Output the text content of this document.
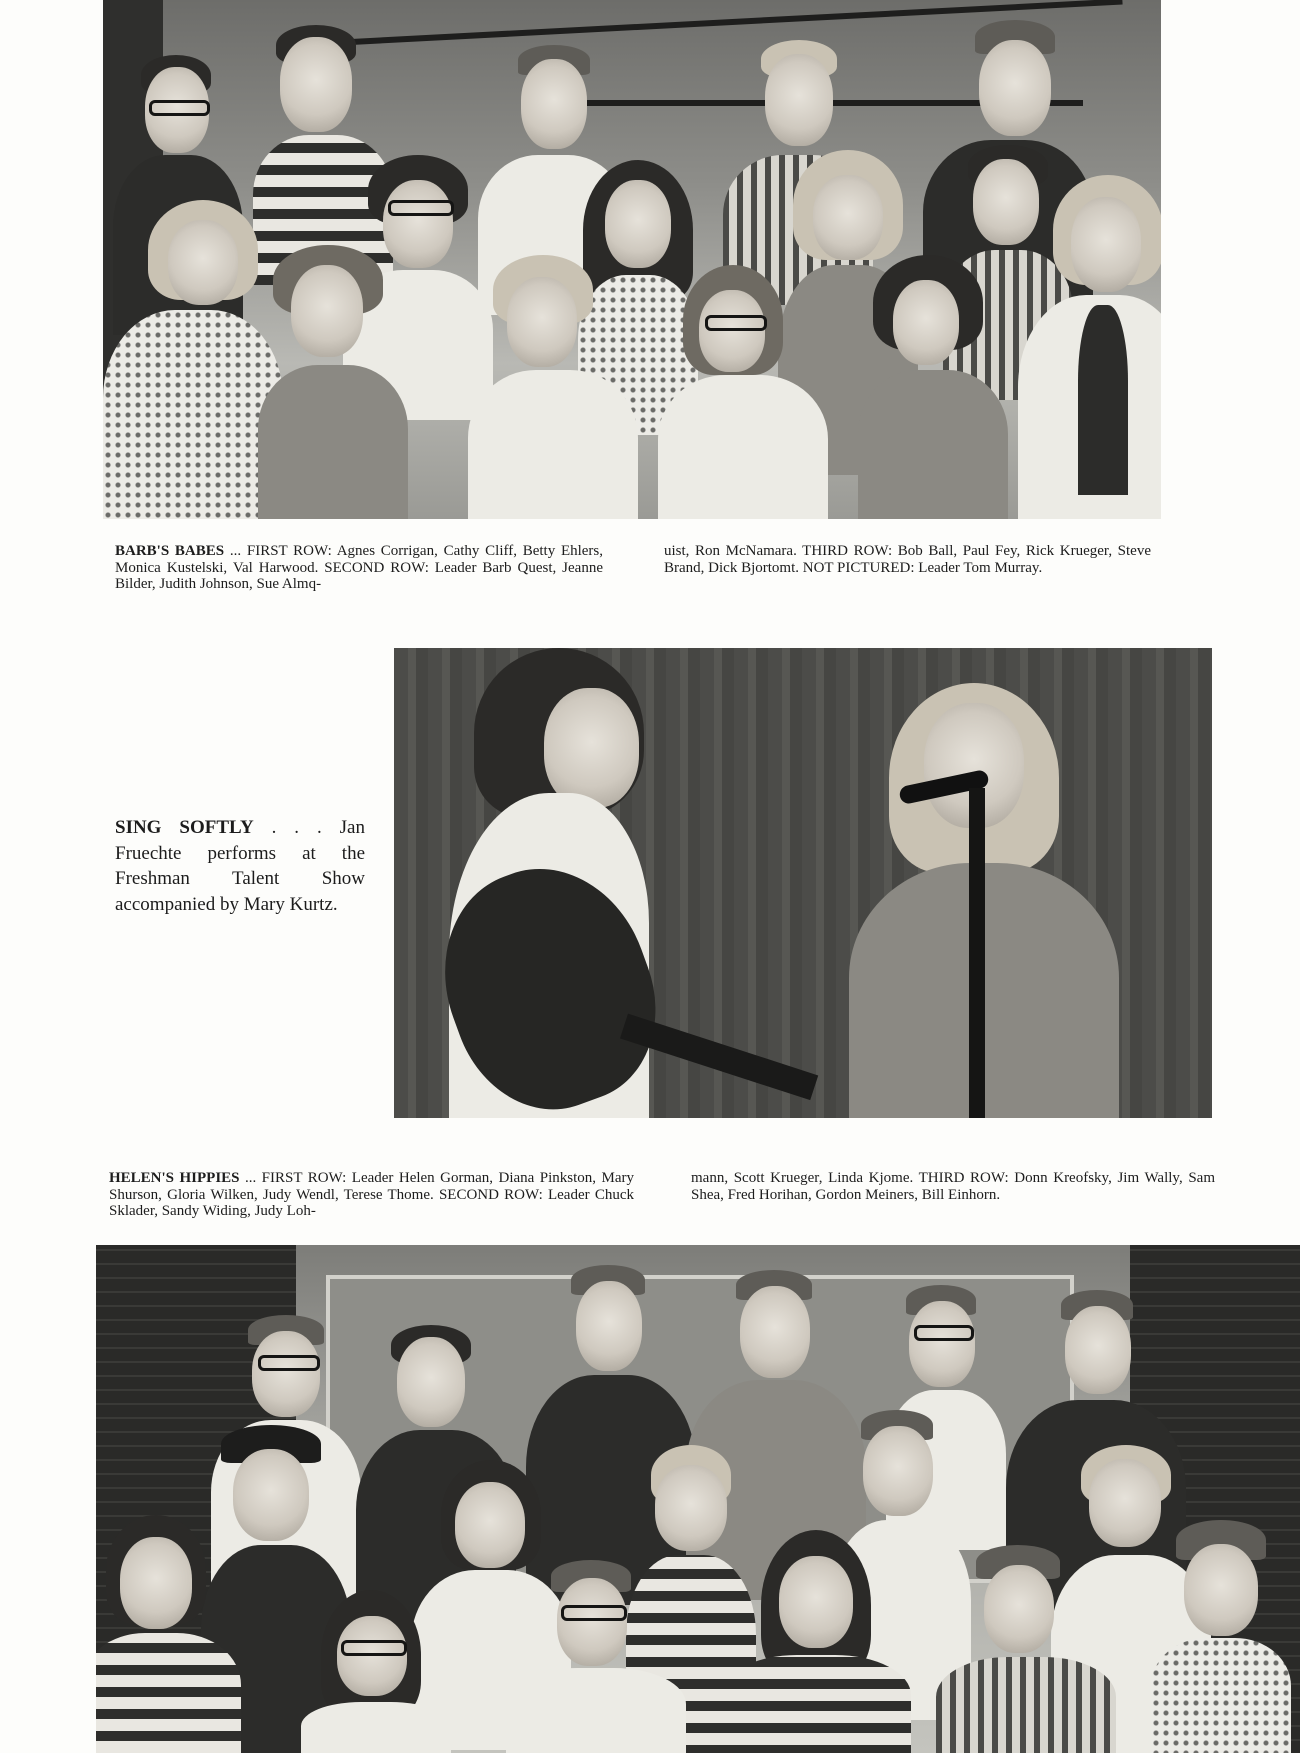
BARB'S BABES ... FIRST ROW: Agnes Corrigan, Cathy Cliff, Betty Ehlers, Monica Kustelski, Val Harwood. SECOND ROW: Leader Barb Quest, Jeanne Bilder, Judith Johnson, Sue Almq-
uist, Ron McNamara. THIRD ROW: Bob Ball, Paul Fey, Rick Krueger, Steve Brand, Dick Bjortomt. NOT PICTURED: Leader Tom Murray.
SING SOFTLY . . . Jan Fruechte performs at the Freshman Talent Show accompanied by Mary Kurtz.
HELEN'S HIPPIES ... FIRST ROW: Leader Helen Gorman, Diana Pinkston, Mary Shurson, Gloria Wilken, Judy Wendl, Terese Thome. SECOND ROW: Leader Chuck Sklader, Sandy Widing, Judy Loh-
mann, Scott Krueger, Linda Kjome. THIRD ROW: Donn Kreofsky, Jim Wally, Sam Shea, Fred Horihan, Gordon Meiners, Bill Einhorn.
